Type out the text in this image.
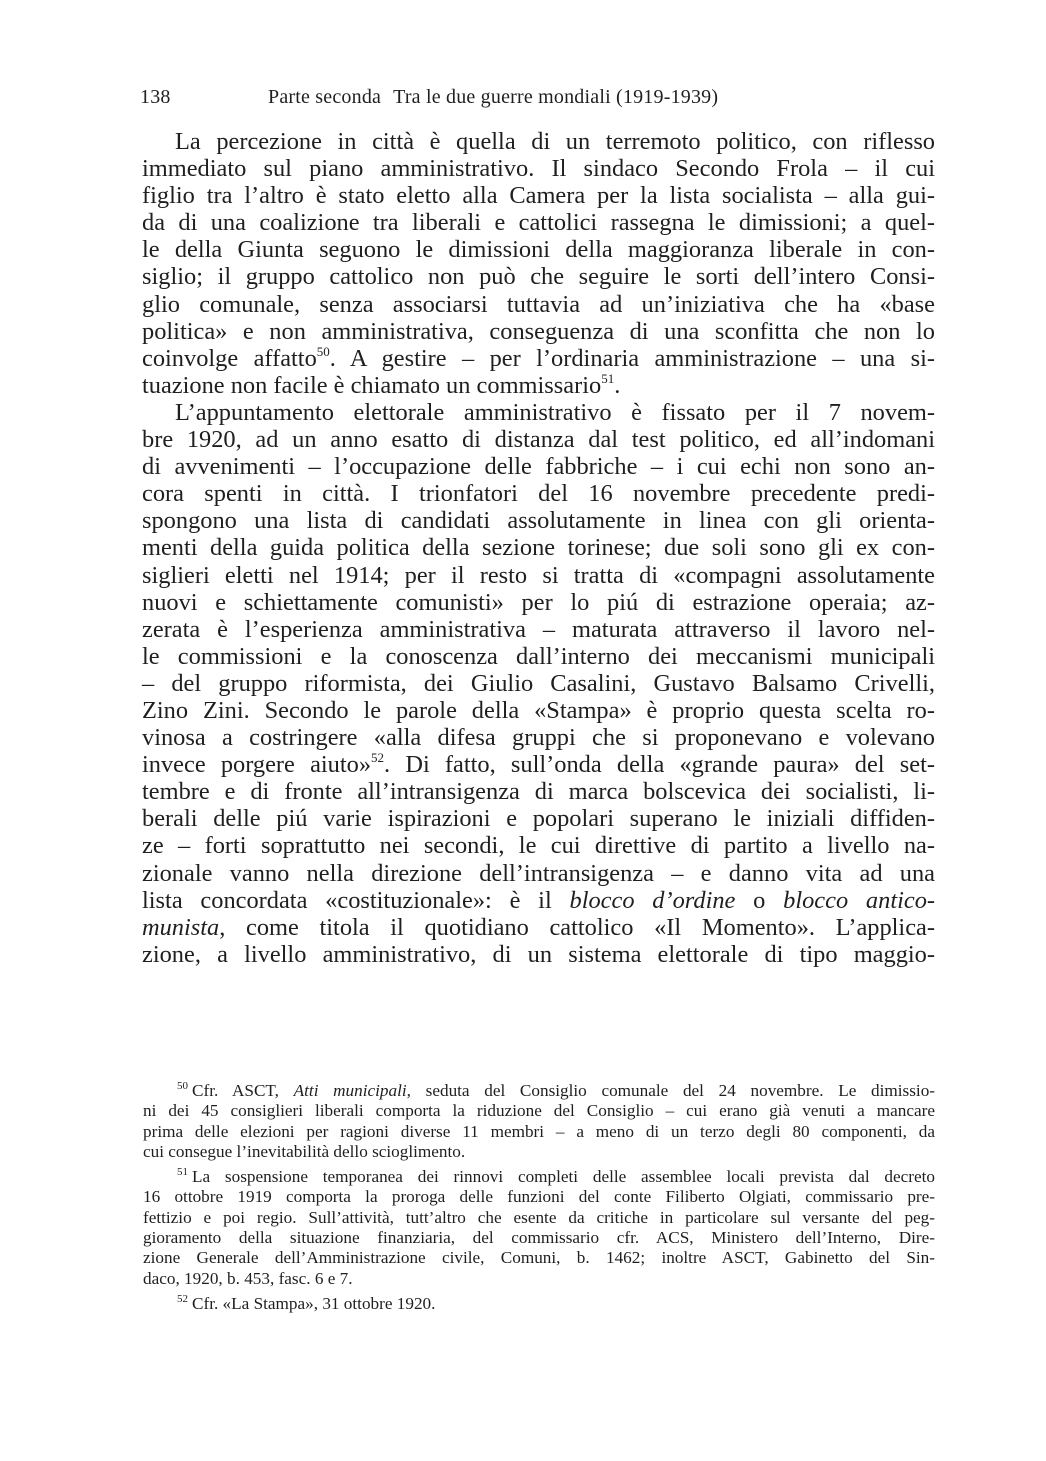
138	Parte seconda Tra le due guerre mondiali (1919-1939)
La percezione in città è quella di un terremoto politico, con riflesso
immediato sul piano amministrativo. Il sindaco Secondo Frola – il cui
figlio tra l’altro è stato eletto alla Camera per la lista socialista – alla gui-
da di una coalizione tra liberali e cattolici rassegna le dimissioni; a quel-
le della Giunta seguono le dimissioni della maggioranza liberale in con-
siglio; il gruppo cattolico non può che seguire le sorti dell’intero Consi-
glio comunale, senza associarsi tuttavia ad un’iniziativa che ha «base
politica» e non amministrativa, conseguenza di una sconfitta che non lo
coinvolge affatto$^{50}$. A gestire – per l’ordinaria amministrazione – una si-
tuazione non facile è chiamato un commissario$^{51}$.
L’appuntamento elettorale amministrativo è fissato per il 7 novem-
bre 1920, ad un anno esatto di distanza dal test politico, ed all’indomani
di avvenimenti – l’occupazione delle fabbriche – i cui echi non sono an-
cora spenti in città. I trionfatori del 16 novembre precedente predi-
spongono una lista di candidati assolutamente in linea con gli orienta-
menti della guida politica della sezione torinese; due soli sono gli ex con-
siglieri eletti nel 1914; per il resto si tratta di «compagni assolutamente
nuovi e schiettamente comunisti» per lo piú di estrazione operaia; az-
zerata è l’esperienza amministrativa – maturata attraverso il lavoro nel-
le commissioni e la conoscenza dall’interno dei meccanismi municipali
– del gruppo riformista, dei Giulio Casalini, Gustavo Balsamo Crivelli,
Zino Zini. Secondo le parole della «Stampa» è proprio questa scelta ro-
vinosa a costringere «alla difesa gruppi che si proponevano e volevano
invece porgere aiuto»$^{52}$. Di fatto, sull’onda della «grande paura» del set-
tembre e di fronte all’intransigenza di marca bolscevica dei socialisti, li-
berali delle piú varie ispirazioni e popolari superano le iniziali diffiden-
ze – forti soprattutto nei secondi, le cui direttive di partito a livello na-
zionale vanno nella direzione dell’intransigenza – e danno vita ad una
lista concordata «costituzionale»: è il blocco d’ordine o blocco antico-
munista, come titola il quotidiano cattolico «Il Momento». L’applica-
zione, a livello amministrativo, di un sistema elettorale di tipo maggio-
$^{50}$ Cfr. ASCT, Atti municipali, seduta del Consiglio comunale del 24 novembre. Le dimissio-
ni dei 45 consiglieri liberali comporta la riduzione del Consiglio – cui erano già venuti a mancare
prima delle elezioni per ragioni diverse 11 membri – a meno di un terzo degli 80 componenti, da
cui consegue l’inevitabilità dello scioglimento.
$^{51}$ La sospensione temporanea dei rinnovi completi delle assemblee locali prevista dal decreto
16 ottobre 1919 comporta la proroga delle funzioni del conte Filiberto Olgiati, commissario pre-
fettizio e poi regio. Sull’attività, tutt’altro che esente da critiche in particolare sul versante del peg-
gioramento della situazione finanziaria, del commissario cfr. ACS, Ministero dell’Interno, Dire-
zione Generale dell’Amministrazione civile, Comuni, b. 1462; inoltre ASCT, Gabinetto del Sin-
daco, 1920, b. 453, fasc. 6 e 7.
$^{52}$ Cfr. «La Stampa», 31 ottobre 1920.
